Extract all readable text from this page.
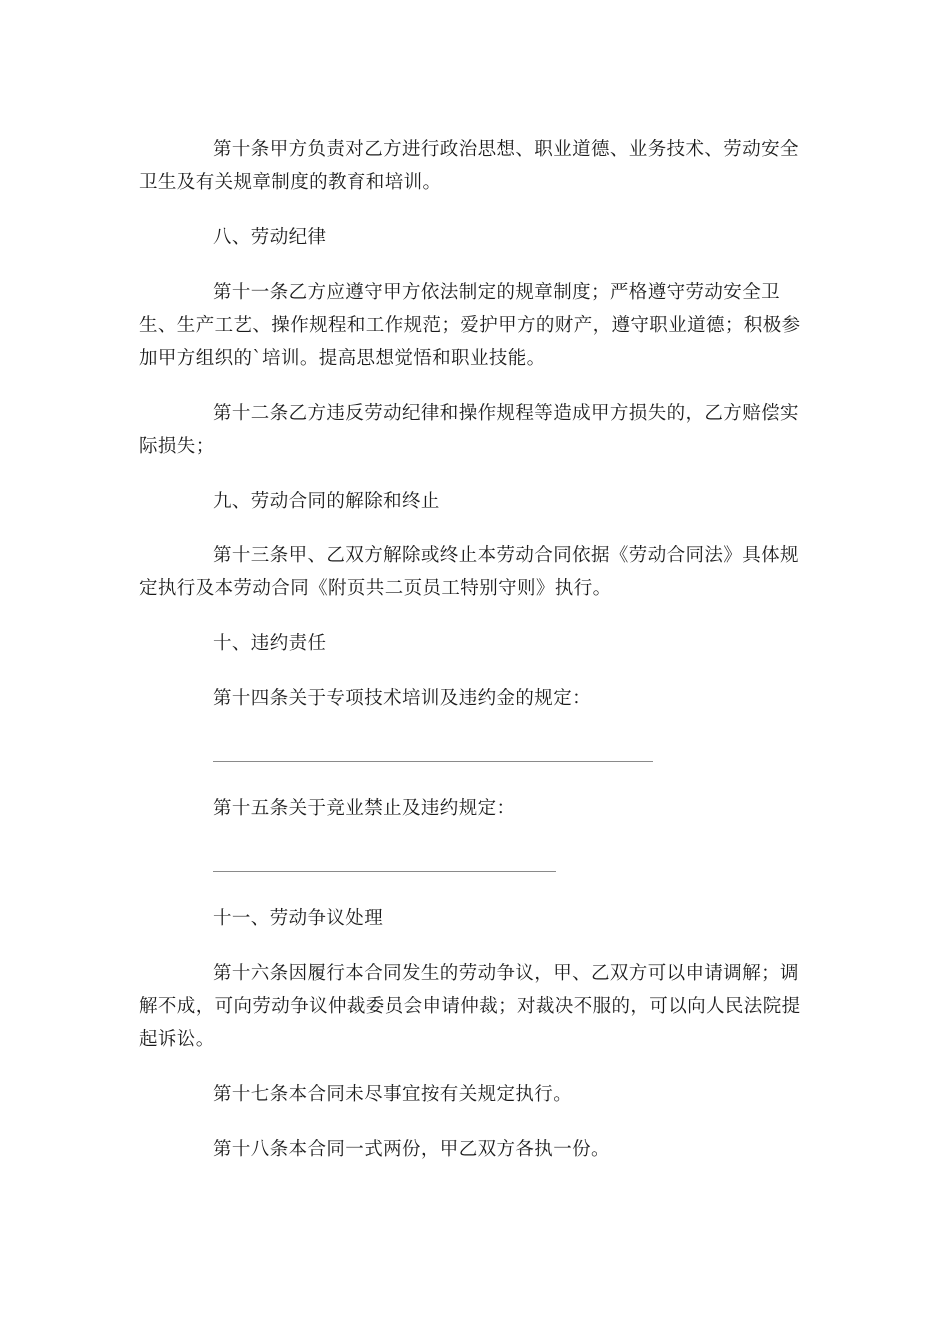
第十条甲方负责对乙方进行政治思想、职业道德、业务技术、劳动安全卫生及有关规章制度的教育和培训。

八、劳动纪律

第十一条乙方应遵守甲方依法制定的规章制度；严格遵守劳动安全卫生、生产工艺、操作规程和工作规范；爱护甲方的财产，遵守职业道德；积极参加甲方组织的`培训。提高思想觉悟和职业技能。

第十二条乙方违反劳动纪律和操作规程等造成甲方损失的，乙方赔偿实际损失；

九、劳动合同的解除和终止

第十三条甲、乙双方解除或终止本劳动合同依据《劳动合同法》具体规定执行及本劳动合同《附页共二页员工特别守则》执行。

十、违约责任

第十四条关于专项技术培训及违约金的规定：

第十五条关于竞业禁止及违约规定：

十一、劳动争议处理

第十六条因履行本合同发生的劳动争议，甲、乙双方可以申请调解；调解不成，可向劳动争议仲裁委员会申请仲裁；对裁决不服的，可以向人民法院提起诉讼。

第十七条本合同未尽事宜按有关规定执行。

第十八条本合同一式两份，甲乙双方各执一份。
